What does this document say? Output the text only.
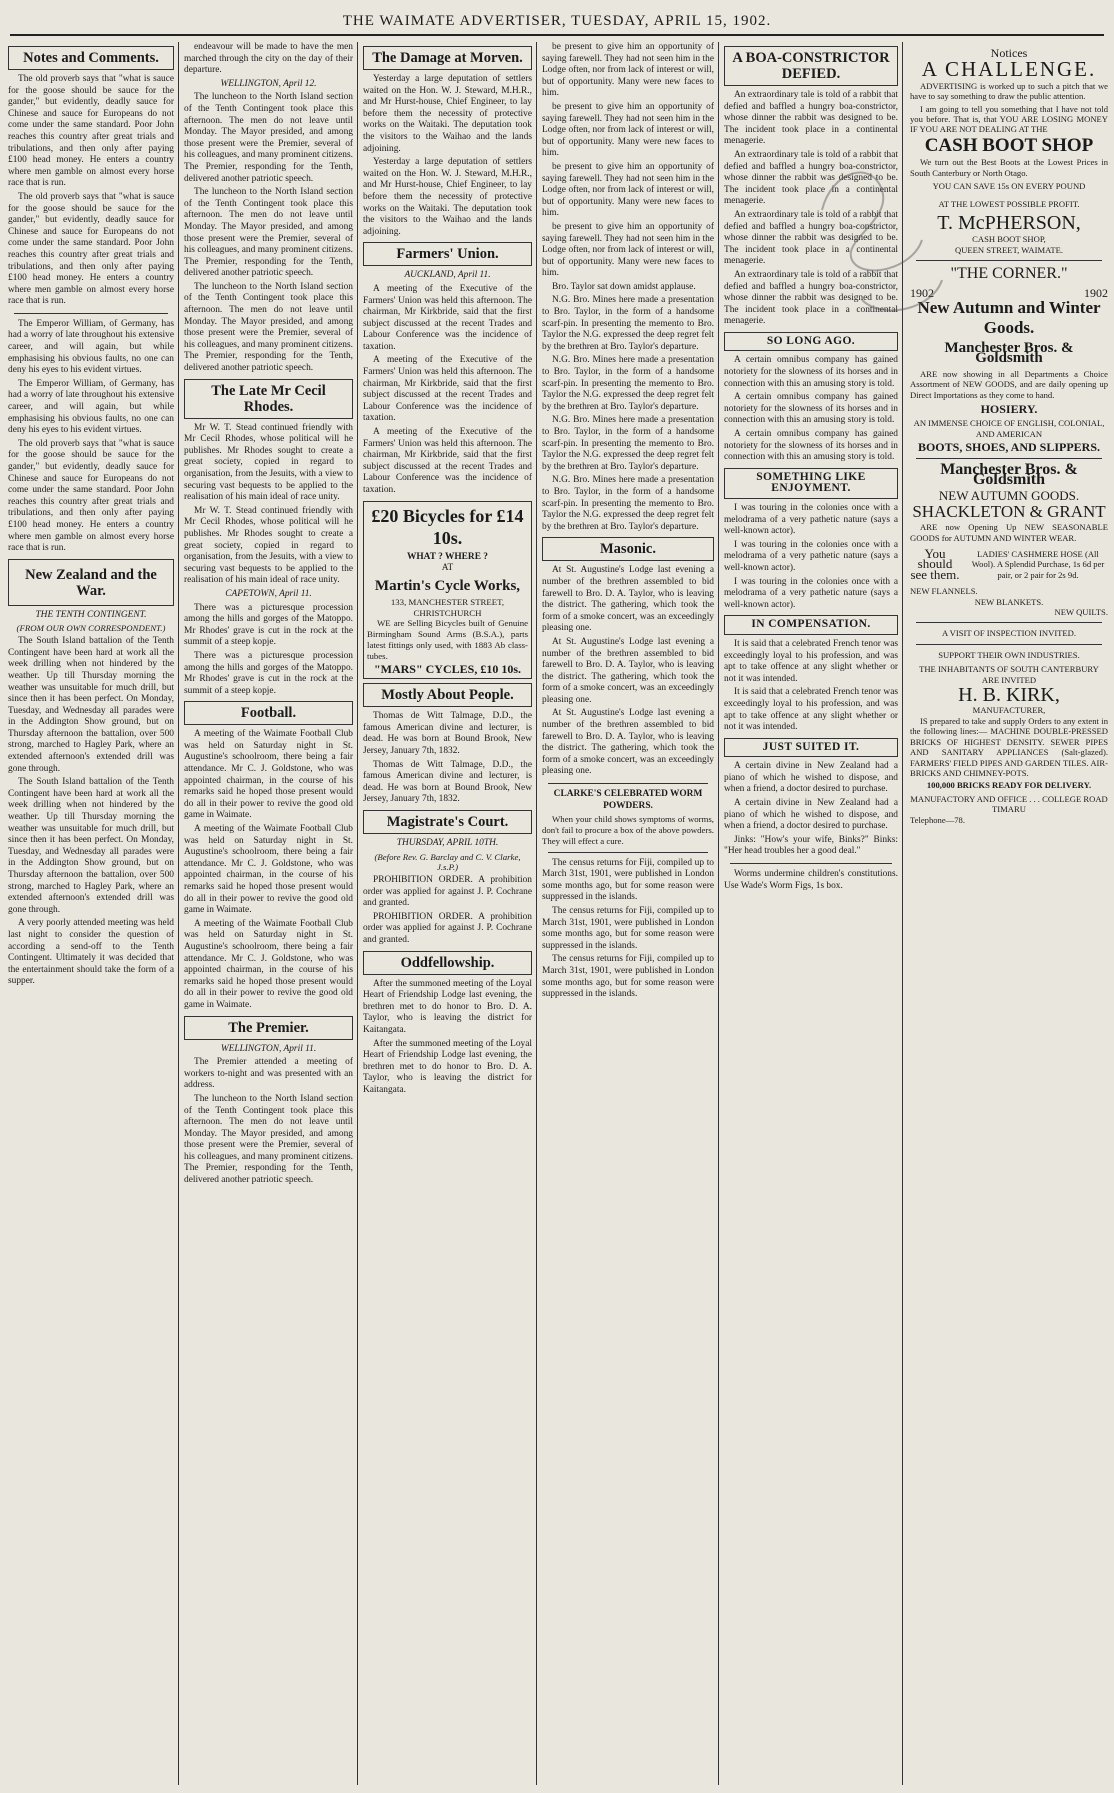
THE WAIMATE ADVERTISER, TUESDAY, APRIL 15, 1902.
Notes and Comments.

The old proverb says that "what is sauce for the goose should be sauce for the gander," but evidently, deadly sauce for Chinese and sauce for Europeans do not come under the same standard. Poor John reaches this country after great trials and tribulations, and then only after paying £100 head money. He enters a country where men gamble on almost every horse race that is run.

The old proverb says that "what is sauce for the goose should be sauce for the gander," but evidently, deadly sauce for Chinese and sauce for Europeans do not come under the same standard. Poor John reaches this country after great trials and tribulations, and then only after paying £100 head money. He enters a country where men gamble on almost every horse race that is run.

The Emperor William, of Germany, has had a worry of late throughout his extensive career, and will again, but while emphasising his obvious faults, no one can deny his eyes to his evident virtues.

The Emperor William, of Germany, has had a worry of late throughout his extensive career, and will again, but while emphasising his obvious faults, no one can deny his eyes to his evident virtues.

The old proverb says that "what is sauce for the goose should be sauce for the gander," but evidently, deadly sauce for Chinese and sauce for Europeans do not come under the same standard. Poor John reaches this country after great trials and tribulations, and then only after paying £100 head money. He enters a country where men gamble on almost every horse race that is run.

New Zealand and the War.
THE TENTH CONTINGENT.
(FROM OUR OWN CORRESPONDENT.)

The South Island battalion of the Tenth Contingent have been hard at work all the week drilling when not hindered by the weather. Up till Thursday morning the weather was unsuitable for much drill, but since then it has been perfect. On Monday, Tuesday, and Wednesday all parades were in the Addington Show ground, but on Thursday afternoon the battalion, over 500 strong, marched to Hagley Park, where an extended afternoon's extended drill was gone through.

The South Island battalion of the Tenth Contingent have been hard at work all the week drilling when not hindered by the weather. Up till Thursday morning the weather was unsuitable for much drill, but since then it has been perfect. On Monday, Tuesday, and Wednesday all parades were in the Addington Show ground, but on Thursday afternoon the battalion, over 500 strong, marched to Hagley Park, where an extended afternoon's extended drill was gone through.

A very poorly attended meeting was held last night to consider the question of according a send-off to the Tenth Contingent. Ultimately it was decided that the entertainment should take the form of a supper.

endeavour will be made to have the men marched through the city on the day of their departure.

WELLINGTON, April 12.

The luncheon to the North Island section of the Tenth Contingent took place this afternoon. The men do not leave until Monday. The Mayor presided, and among those present were the Premier, several of his colleagues, and many prominent citizens. The Premier, responding for the Tenth, delivered another patriotic speech.

The luncheon to the North Island section of the Tenth Contingent took place this afternoon. The men do not leave until Monday. The Mayor presided, and among those present were the Premier, several of his colleagues, and many prominent citizens. The Premier, responding for the Tenth, delivered another patriotic speech.

The luncheon to the North Island section of the Tenth Contingent took place this afternoon. The men do not leave until Monday. The Mayor presided, and among those present were the Premier, several of his colleagues, and many prominent citizens. The Premier, responding for the Tenth, delivered another patriotic speech.

The Late Mr Cecil Rhodes.

Mr W. T. Stead continued friendly with Mr Cecil Rhodes, whose political will he publishes. Mr Rhodes sought to create a great society, copied in regard to organisation, from the Jesuits, with a view to securing vast bequests to be applied to the realisation of his main ideal of race unity.

Mr W. T. Stead continued friendly with Mr Cecil Rhodes, whose political will he publishes. Mr Rhodes sought to create a great society, copied in regard to organisation, from the Jesuits, with a view to securing vast bequests to be applied to the realisation of his main ideal of race unity.

CAPETOWN, April 11.

There was a picturesque procession among the hills and gorges of the Matoppo. Mr Rhodes' grave is cut in the rock at the summit of a steep kopje.

There was a picturesque procession among the hills and gorges of the Matoppo. Mr Rhodes' grave is cut in the rock at the summit of a steep kopje.

Football.

A meeting of the Waimate Football Club was held on Saturday night in St. Augustine's schoolroom, there being a fair attendance. Mr C. J. Goldstone, who was appointed chairman, in the course of his remarks said he hoped those present would do all in their power to revive the good old game in Waimate.

A meeting of the Waimate Football Club was held on Saturday night in St. Augustine's schoolroom, there being a fair attendance. Mr C. J. Goldstone, who was appointed chairman, in the course of his remarks said he hoped those present would do all in their power to revive the good old game in Waimate.

A meeting of the Waimate Football Club was held on Saturday night in St. Augustine's schoolroom, there being a fair attendance. Mr C. J. Goldstone, who was appointed chairman, in the course of his remarks said he hoped those present would do all in their power to revive the good old game in Waimate.

The Premier.
WELLINGTON, April 11.

The Premier attended a meeting of workers to-night and was presented with an address.

The luncheon to the North Island section of the Tenth Contingent took place this afternoon. The men do not leave until Monday. The Mayor presided, and among those present were the Premier, several of his colleagues, and many prominent citizens. The Premier, responding for the Tenth, delivered another patriotic speech.

The Damage at Morven.

Yesterday a large deputation of settlers waited on the Hon. W. J. Steward, M.H.R., and Mr Hurst-house, Chief Engineer, to lay before them the necessity of protective works on the Waitaki. The deputation took the visitors to the Waihao and the lands adjoining.

Yesterday a large deputation of settlers waited on the Hon. W. J. Steward, M.H.R., and Mr Hurst-house, Chief Engineer, to lay before them the necessity of protective works on the Waitaki. The deputation took the visitors to the Waihao and the lands adjoining.

Farmers' Union.
AUCKLAND, April 11.

A meeting of the Executive of the Farmers' Union was held this afternoon. The chairman, Mr Kirkbride, said that the first subject discussed at the recent Trades and Labour Conference was the incidence of taxation.

A meeting of the Executive of the Farmers' Union was held this afternoon. The chairman, Mr Kirkbride, said that the first subject discussed at the recent Trades and Labour Conference was the incidence of taxation.

A meeting of the Executive of the Farmers' Union was held this afternoon. The chairman, Mr Kirkbride, said that the first subject discussed at the recent Trades and Labour Conference was the incidence of taxation.

£20 Bicycles for £14 10s.
WHAT ? WHERE ?
AT
Martin's Cycle Works,
133, MANCHESTER STREET, CHRISTCHURCH

WE are Selling Bicycles built of Genuine Birmingham Sound Arms (B.S.A.), parts latest fittings only used, with 1883 Ab class-tubes.

"MARS" CYCLES, £10 10s.
Mostly About People.

Thomas de Witt Talmage, D.D., the famous American divine and lecturer, is dead. He was born at Bound Brook, New Jersey, January 7th, 1832.

Thomas de Witt Talmage, D.D., the famous American divine and lecturer, is dead. He was born at Bound Brook, New Jersey, January 7th, 1832.

Magistrate's Court.
THURSDAY, APRIL 10TH.
(Before Rev. G. Barclay and C. V. Clarke, J.s.P.)

PROHIBITION ORDER. A prohibition order was applied for against J. P. Cochrane and granted.

PROHIBITION ORDER. A prohibition order was applied for against J. P. Cochrane and granted.

Oddfellowship.

After the summoned meeting of the Loyal Heart of Friendship Lodge last evening, the brethren met to do honor to Bro. D. A. Taylor, who is leaving the district for Kaitangata.

After the summoned meeting of the Loyal Heart of Friendship Lodge last evening, the brethren met to do honor to Bro. D. A. Taylor, who is leaving the district for Kaitangata.

be present to give him an opportunity of saying farewell. They had not seen him in the Lodge often, nor from lack of interest or will, but of opportunity. Many were new faces to him.

be present to give him an opportunity of saying farewell. They had not seen him in the Lodge often, nor from lack of interest or will, but of opportunity. Many were new faces to him.

be present to give him an opportunity of saying farewell. They had not seen him in the Lodge often, nor from lack of interest or will, but of opportunity. Many were new faces to him.

be present to give him an opportunity of saying farewell. They had not seen him in the Lodge often, nor from lack of interest or will, but of opportunity. Many were new faces to him.

Bro. Taylor sat down amidst applause.

N.G. Bro. Mines here made a presentation to Bro. Taylor, in the form of a handsome scarf-pin. In presenting the memento to Bro. Taylor the N.G. expressed the deep regret felt by the brethren at Bro. Taylor's departure.

N.G. Bro. Mines here made a presentation to Bro. Taylor, in the form of a handsome scarf-pin. In presenting the memento to Bro. Taylor the N.G. expressed the deep regret felt by the brethren at Bro. Taylor's departure.

N.G. Bro. Mines here made a presentation to Bro. Taylor, in the form of a handsome scarf-pin. In presenting the memento to Bro. Taylor the N.G. expressed the deep regret felt by the brethren at Bro. Taylor's departure.

N.G. Bro. Mines here made a presentation to Bro. Taylor, in the form of a handsome scarf-pin. In presenting the memento to Bro. Taylor the N.G. expressed the deep regret felt by the brethren at Bro. Taylor's departure.

Masonic.

At St. Augustine's Lodge last evening a number of the brethren assembled to bid farewell to Bro. D. A. Taylor, who is leaving the district. The gathering, which took the form of a smoke concert, was an exceedingly pleasing one.

At St. Augustine's Lodge last evening a number of the brethren assembled to bid farewell to Bro. D. A. Taylor, who is leaving the district. The gathering, which took the form of a smoke concert, was an exceedingly pleasing one.

At St. Augustine's Lodge last evening a number of the brethren assembled to bid farewell to Bro. D. A. Taylor, who is leaving the district. The gathering, which took the form of a smoke concert, was an exceedingly pleasing one.

CLARKE'S CELEBRATED WORM POWDERS.

When your child shows symptoms of worms, don't fail to procure a box of the above powders. They will effect a cure.

The census returns for Fiji, compiled up to March 31st, 1901, were published in London some months ago, but for some reason were suppressed in the islands.

The census returns for Fiji, compiled up to March 31st, 1901, were published in London some months ago, but for some reason were suppressed in the islands.

The census returns for Fiji, compiled up to March 31st, 1901, were published in London some months ago, but for some reason were suppressed in the islands.

A BOA-CONSTRICTOR DEFIED.

An extraordinary tale is told of a rabbit that defied and baffled a hungry boa-constrictor, whose dinner the rabbit was designed to be. The incident took place in a continental menagerie.

An extraordinary tale is told of a rabbit that defied and baffled a hungry boa-constrictor, whose dinner the rabbit was designed to be. The incident took place in a continental menagerie.

An extraordinary tale is told of a rabbit that defied and baffled a hungry boa-constrictor, whose dinner the rabbit was designed to be. The incident took place in a continental menagerie.

An extraordinary tale is told of a rabbit that defied and baffled a hungry boa-constrictor, whose dinner the rabbit was designed to be. The incident took place in a continental menagerie.

SO LONG AGO.

A certain omnibus company has gained notoriety for the slowness of its horses and in connection with this an amusing story is told.

A certain omnibus company has gained notoriety for the slowness of its horses and in connection with this an amusing story is told.

A certain omnibus company has gained notoriety for the slowness of its horses and in connection with this an amusing story is told.

SOMETHING LIKE ENJOYMENT.

I was touring in the colonies once with a melodrama of a very pathetic nature (says a well-known actor).

I was touring in the colonies once with a melodrama of a very pathetic nature (says a well-known actor).

I was touring in the colonies once with a melodrama of a very pathetic nature (says a well-known actor).

IN COMPENSATION.

It is said that a celebrated French tenor was exceedingly loyal to his profession, and was apt to take offence at any slight whether or not it was intended.

It is said that a celebrated French tenor was exceedingly loyal to his profession, and was apt to take offence at any slight whether or not it was intended.

JUST SUITED IT.

A certain divine in New Zealand had a piano of which he wished to dispose, and when a friend, a doctor desired to purchase.

A certain divine in New Zealand had a piano of which he wished to dispose, and when a friend, a doctor desired to purchase.

Jinks: "How's your wife, Binks?" Binks: "Her head troubles her a good deal."

Worms undermine children's constitutions. Use Wade's Worm Figs, 1s box.

Notices
A CHALLENGE.

ADVERTISING is worked up to such a pitch that we have to say something to draw the public attention.

I am going to tell you something that I have not told you before. That is, that YOU ARE LOSING MONEY IF YOU ARE NOT DEALING AT THE

CASH BOOT SHOP

We turn out the Best Boots at the Lowest Prices in South Canterbury or North Otago.

YOU CAN SAVE 15s ON EVERY POUND
AT THE LOWEST POSSIBLE PROFIT.
T. McPHERSON,
CASH BOOT SHOP,
QUEEN STREET, WAIMATE.
"THE CORNER."
1902	1902
New Autumn and Winter Goods.
Manchester Bros. & Goldsmith

ARE now showing in all Departments a Choice Assortment of NEW GOODS, and are daily opening up Direct Importations as they come to hand.

HOSIERY.
AN IMMENSE CHOICE OF ENGLISH, COLONIAL, AND AMERICAN
BOOTS, SHOES, AND SLIPPERS.
Manchester Bros. & Goldsmith
NEW AUTUMN GOODS.
SHACKLETON & GRANT

ARE now Opening Up NEW SEASONABLE GOODS for AUTUMN AND WINTER WEAR.

You should see them.
LADIES' CASHMERE HOSE (All Wool). A Splendid Purchase, 1s 6d per pair, or 2 pair for 2s 9d.
NEW FLANNELS.
NEW BLANKETS.
NEW QUILTS.
A VISIT OF INSPECTION INVITED.
SUPPORT THEIR OWN INDUSTRIES.
THE INHABITANTS OF SOUTH CANTERBURY ARE INVITED
H. B. KIRK,
MANUFACTURER,

IS prepared to take and supply Orders to any extent in the following lines:— MACHINE DOUBLE-PRESSED BRICKS OF HIGHEST DENSITY. SEWER PIPES AND SANITARY APPLIANCES (Salt-glazed). FARMERS' FIELD PIPES AND GARDEN TILES. AIR-BRICKS AND CHIMNEY-POTS.

100,000 BRICKS READY FOR DELIVERY.
MANUFACTORY AND OFFICE . . . COLLEGE ROAD TIMARU
Telephone—78.
